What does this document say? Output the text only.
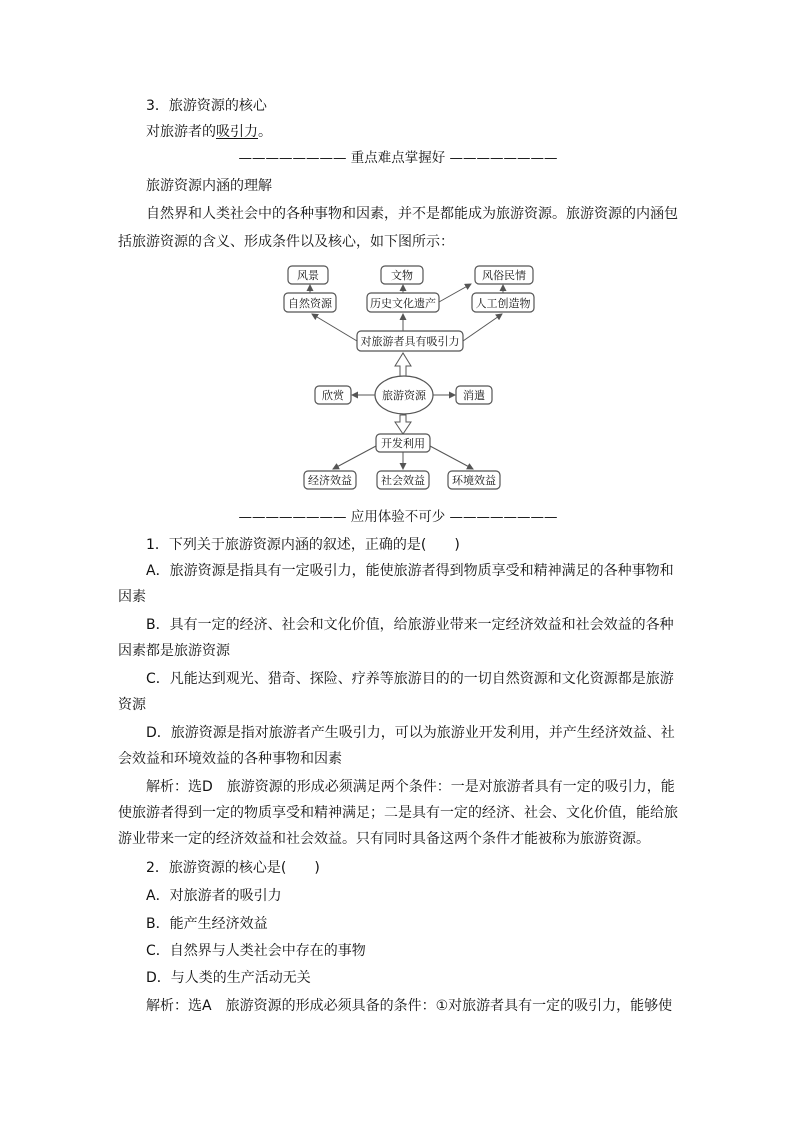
3．旅游资源的核心
对旅游者的吸引力。
———————— 重点难点掌握好 ————————
旅游资源内涵的理解
自然界和人类社会中的各种事物和因素，并不是都能成为旅游资源。旅游资源的内涵包
括旅游资源的含义、形成条件以及核心，如下图所示：
风景	文物	风俗民情
自然资源	历史文化遗产	人工创造物
对旅游者具有吸引力
旅游资源
欣赏	消遣
开发利用
经济效益	社会效益 环境效益
———————— 应用体验不可少 ————————
1．下列关于旅游资源内涵的叙述，正确的是(　　)
A．旅游资源是指具有一定吸引力，能使旅游者得到物质享受和精神满足的各种事物和
因素
B．具有一定的经济、社会和文化价值，给旅游业带来一定经济效益和社会效益的各种
因素都是旅游资源
C．凡能达到观光、猎奇、探险、疗养等旅游目的的一切自然资源和文化资源都是旅游
资源
D．旅游资源是指对旅游者产生吸引力，可以为旅游业开发利用，并产生经济效益、社
会效益和环境效益的各种事物和因素
解析：选D　旅游资源的形成必须满足两个条件：一是对旅游者具有一定的吸引力，能
使旅游者得到一定的物质享受和精神满足；二是具有一定的经济、社会、文化价值，能给旅
游业带来一定的经济效益和社会效益。只有同时具备这两个条件才能被称为旅游资源。
2．旅游资源的核心是(　　)
A．对旅游者的吸引力
B．能产生经济效益
C．自然界与人类社会中存在的事物
D．与人类的生产活动无关
解析：选A　旅游资源的形成必须具备的条件：①对旅游者具有一定的吸引力，能够使
